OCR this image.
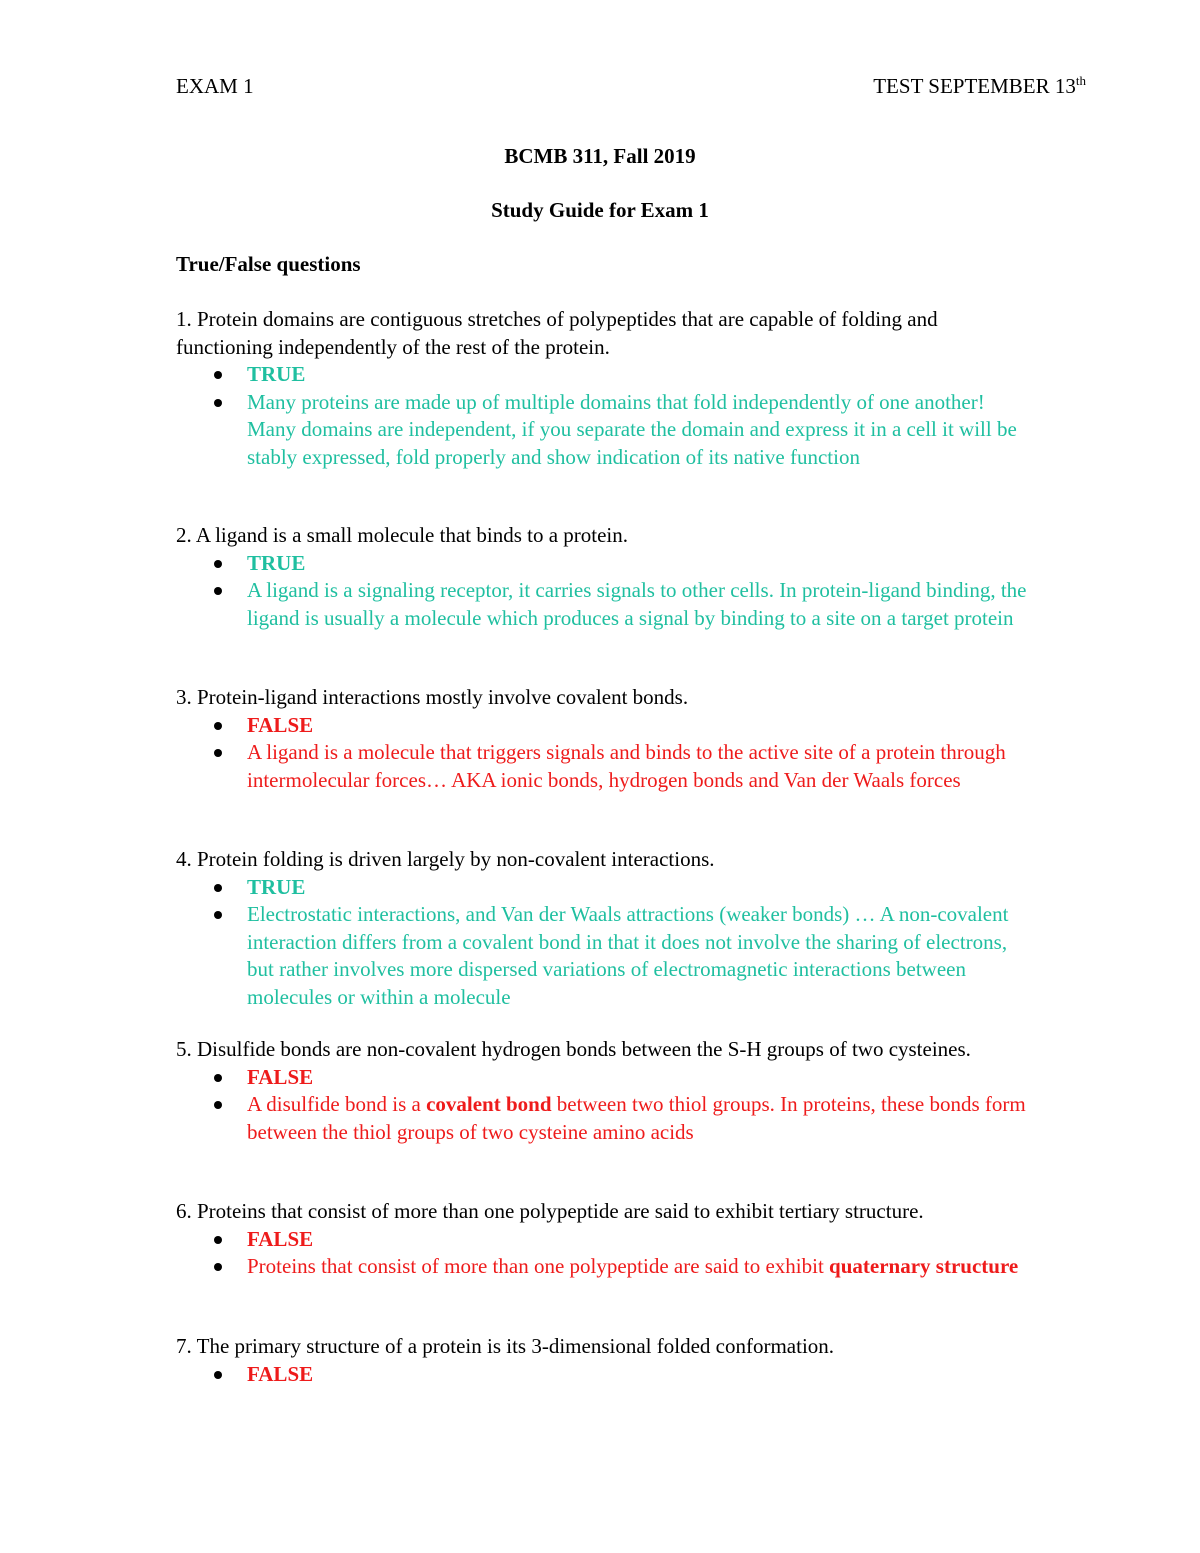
EXAM 1	TEST SEPTEMBER 13th
BCMB 311, Fall 2019
Study Guide for Exam 1
True/False questions

1. Protein domains are contiguous stretches of polypeptides that are capable of folding and functioning independently of the rest of the protein.

TRUE
Many proteins are made up of multiple domains that fold independently of one another! Many domains are independent, if you separate the domain and express it in a cell it will be stably expressed, fold properly and show indication of its native function

2. A ligand is a small molecule that binds to a protein.

TRUE
A ligand is a signaling receptor, it carries signals to other cells. In protein-ligand binding, the ligand is usually a molecule which produces a signal by binding to a site on a target protein

3. Protein-ligand interactions mostly involve covalent bonds.

FALSE
A ligand is a molecule that triggers signals and binds to the active site of a protein through intermolecular forces… AKA ionic bonds, hydrogen bonds and Van der Waals forces

4. Protein folding is driven largely by non-covalent interactions.

TRUE
Electrostatic interactions, and Van der Waals attractions (weaker bonds) … A non-covalent interaction differs from a covalent bond in that it does not involve the sharing of electrons, but rather involves more dispersed variations of electromagnetic interactions between molecules or within a molecule

5. Disulfide bonds are non-covalent hydrogen bonds between the S-H groups of two cysteines.

FALSE
A disulfide bond is a covalent bond between two thiol groups. In proteins, these bonds form between the thiol groups of two cysteine amino acids

6. Proteins that consist of more than one polypeptide are said to exhibit tertiary structure.

FALSE
Proteins that consist of more than one polypeptide are said to exhibit quaternary structure

7. The primary structure of a protein is its 3-dimensional folded conformation.

FALSE
